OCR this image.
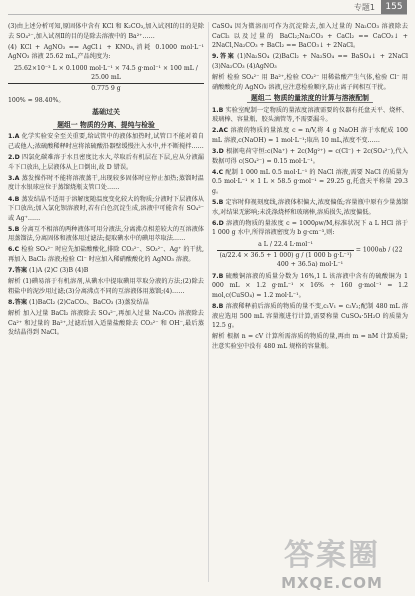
专题1	155

(3)由上述分析可知,原固体中含有 KCl 和 K₂CO₃,加入试剂Ⅰ的目的是除去 SO₄²⁻,加入试剂Ⅱ的目的是除去溶液中的 Ba²⁺……

(4) KCl + AgNO₃ == AgCl↓ + KNO₃,消耗 0.1000 mol·L⁻¹ AgNO₃ 溶液 25.62 mL,产品纯度为:

25.62×10⁻³ L × 0.1000 mol·L⁻¹ × 74.5 g·mol⁻¹ × 100 mL / 25.00 mL
0.775 9 g

100% ≈ 98.40%。

基础过关
题组一 物质的分离、提纯与检验

1.A 化学实验安全至关重要,给试管中的液体加热时,试管口不能对着自己或他人;浓硫酸稀释时应将浓硫酸沿器壁缓慢注入水中,并不断搅拌……

2.D 四氯化碳难溶于水且密度比水大,萃取后有机层在下层,应从分液漏斗下口放出,上层液体从上口倒出,故 D 错误。

3.A 蒸发操作时不能将溶液蒸干,出现较多固体时应停止加热;蒸馏时温度计水银球应位于蒸馏烧瓶支管口处……

4.B 蒸发结晶不适用于溶解度随温度变化较大的物质;分液时下层液体从下口放出;加入氯化钡溶液时,若有白色沉淀生成,溶液中可能含有 SO₄²⁻ 或 Ag⁺……

5.B 分离互不相溶的两种液体可用分液法,分离沸点相差较大的互溶液体用蒸馏法,分离固体和液体用过滤法;提取碘水中的碘用萃取法……

6.C 检验 SO₄²⁻ 时应先加盐酸酸化,排除 CO₃²⁻、SO₃²⁻、Ag⁺ 的干扰,再加入 BaCl₂ 溶液;检验 Cl⁻ 时应加入稀硝酸酸化的 AgNO₃ 溶液。

7.答案 (1)A (2)C (3)B (4)B

解析 (1)碘易溶于有机溶剂,从碘水中提取碘用萃取分液的方法;(2)除去粗盐中的泥沙用过滤;(3)分离沸点不同的互溶液体用蒸馏;(4)……

8.答案 (1)BaCl₂ (2)CaCO₃、BaCO₃ (3)蒸发结晶

解析 加入过量 BaCl₂ 溶液除去 SO₄²⁻,再加入过量 Na₂CO₃ 溶液除去 Ca²⁺ 和过量的 Ba²⁺,过滤后加入适量盐酸除去 CO₃²⁻ 和 OH⁻,最后蒸发结晶得到 NaCl。

CaSO₄ 因为微溶而可作为沉淀除去,加入过量的 Na₂CO₃ 溶液除去 CaCl₂ 以及过量的 BaCl₂;Na₂CO₃ + CaCl₂ == CaCO₃↓ + 2NaCl,Na₂CO₃ + BaCl₂ == BaCO₃↓ + 2NaCl。

9.答案 (1)Na₂SO₄ (2)BaCl₂ + Na₂SO₄ == BaSO₄↓ + 2NaCl (3)Na₂CO₃ (4)AgNO₃

解析 检验 SO₄²⁻ 用 Ba²⁺,检验 CO₃²⁻ 用稀盐酸产生气体,检验 Cl⁻ 用硝酸酸化的 AgNO₃ 溶液,应注意检验顺序,防止离子间相互干扰。

题组二 物质的量浓度的计算与溶液配制

1.B 实验室配制一定物质的量浓度溶液需要的仪器有托盘天平、烧杯、玻璃棒、容量瓶、胶头滴管等,不需要漏斗。

2.AC 溶液的物质的量浓度 c = n/V,将 4 g NaOH 溶于水配成 100 mL 溶液,c(NaOH) = 1 mol·L⁻¹;取出 10 mL,浓度不变……

3.D 根据电荷守恒:c(Na⁺) + 2c(Mg²⁺) = c(Cl⁻) + 2c(SO₄²⁻),代入数据可得 c(SO₄²⁻) = 0.15 mol·L⁻¹。

4.C 配制 1 000 mL 0.5 mol·L⁻¹ 的 NaCl 溶液,需要 NaCl 的质量为 0.5 mol·L⁻¹ × 1 L × 58.5 g·mol⁻¹ = 29.25 g,托盘天平称量 29.3 g。

5.B 定容时仰视刻度线,溶液体积偏大,浓度偏低;容量瓶中原有少量蒸馏水,对结果无影响;未洗涤烧杯和玻璃棒,溶质损失,浓度偏低。

6.D 溶液的物质的量浓度 c = 1000ρw/M,标准状况下 a L HCl 溶于 1 000 g 水中,所得溶液密度为 b g·cm⁻³,则:

$\frac{\text{a L / 22.4 L·mol⁻¹}}{\text{(a/22.4 × 36.5 + 1 000) g / (1 000 b g·L⁻¹)}} = 1000ab / (22$ 400 + 36.5a) mol·L⁻¹

7.B 硫酸铜溶液的质量分数为 16%,1 L 该溶液中含有的硫酸铜为 1 000 mL × 1.2 g·mL⁻¹ × 16% ÷ 160 g·mol⁻¹ = 1.2 mol,c(CuSO₄) = 1.2 mol·L⁻¹。

8.B 溶液稀释前后溶质的物质的量不变,c₁V₁ = c₂V₂;配制 480 mL 溶液应选用 500 mL 容量瓶进行计算,需要称量 CuSO₄·5H₂O 的质量为 12.5 g。

解析 根据 n = cV 计算所需溶质的物质的量,再由 m = nM 计算质量;注意实验室中没有 480 mL 规格的容量瓶。

答案圈
MXQE.COM
